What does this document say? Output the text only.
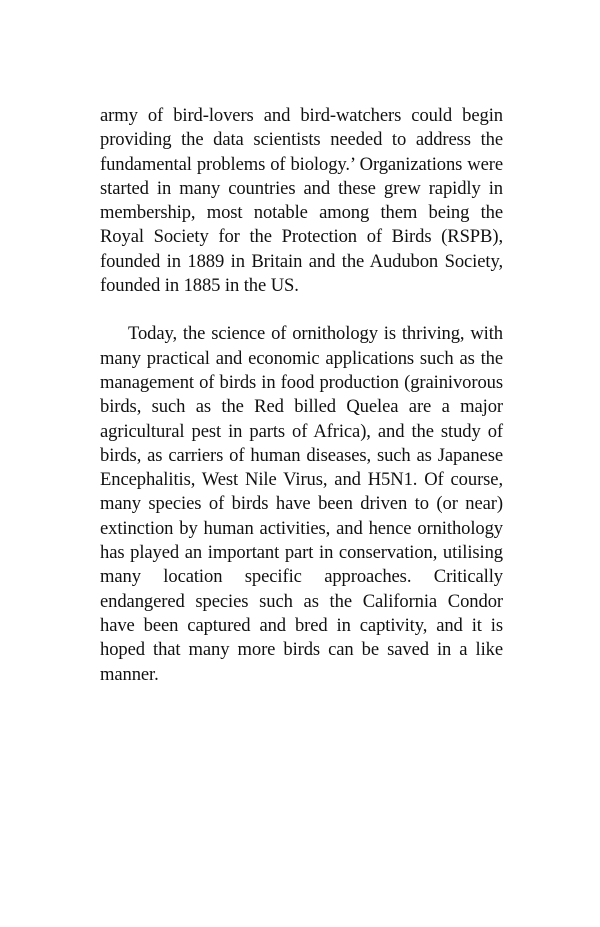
army of bird-lovers and bird-watchers could begin providing the data scientists needed to address the fundamental problems of biology.’ Organizations were started in many countries and these grew rapidly in membership, most notable among them being the Royal Society for the Protection of Birds (RSPB), founded in 1889 in Britain and the Audubon Society, founded in 1885 in the US.

Today, the science of ornithology is thriving, with many practical and economic applications such as the management of birds in food production (grainivorous birds, such as the Red billed Quelea are a major agricultural pest in parts of Africa), and the study of birds, as carriers of human diseases, such as Japanese Encephalitis, West Nile Virus, and H5N1. Of course, many species of birds have been driven to (or near) extinction by human activities, and hence ornithology has played an important part in conservation, utilising many location specific approaches. Critically endangered species such as the California Condor have been captured and bred in captivity, and it is hoped that many more birds can be saved in a like manner.
